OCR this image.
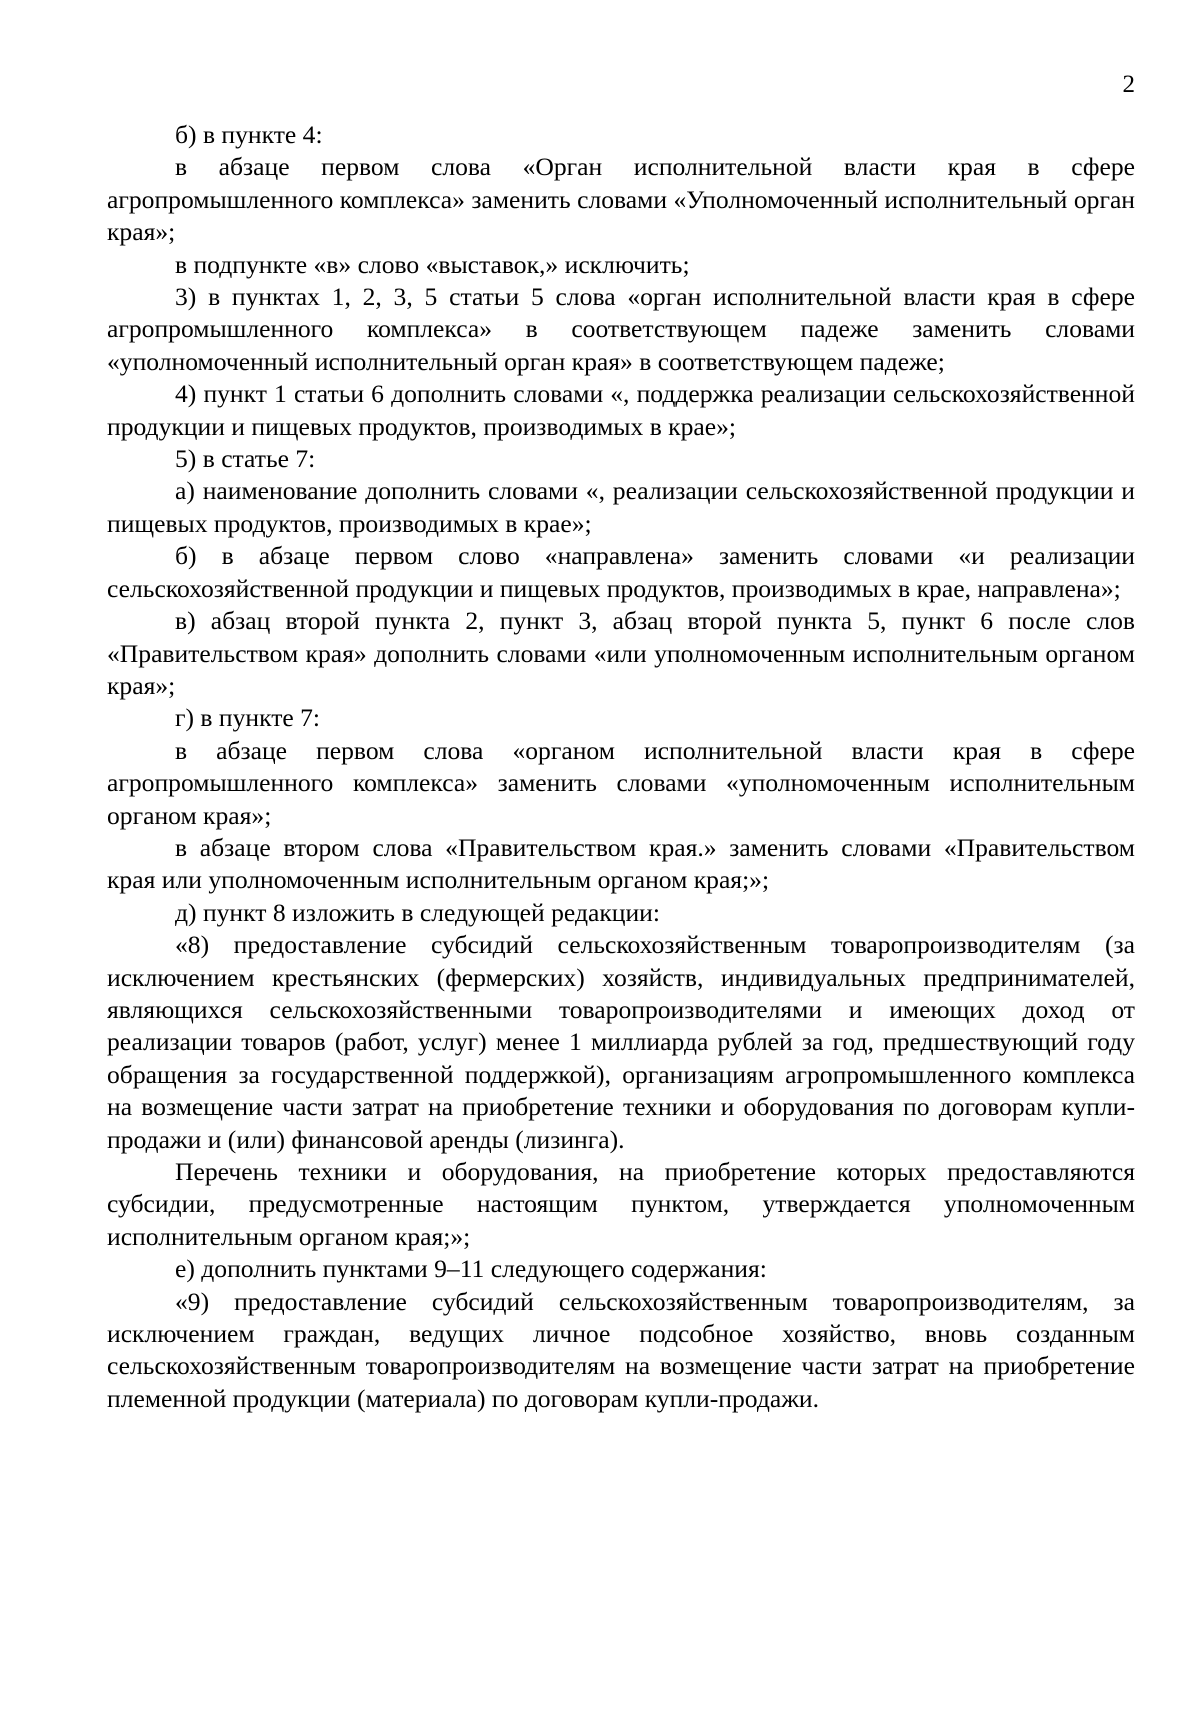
2

б) в пункте 4:

в абзаце первом слова «Орган исполнительной власти края в сфере агропромышленного комплекса» заменить словами «Уполномоченный исполнительный орган края»;

в подпункте «в» слово «выставок,» исключить;

3) в пунктах 1, 2, 3, 5 статьи 5 слова «орган исполнительной власти края в сфере агропромышленного комплекса» в соответствующем падеже заменить словами «уполномоченный исполнительный орган края» в соответствующем падеже;

4) пункт 1 статьи 6 дополнить словами «, поддержка реализации сельскохозяйственной продукции и пищевых продуктов, производимых в крае»;

5) в статье 7:

а) наименование дополнить словами «, реализации сельскохозяйственной продукции и пищевых продуктов, производимых в крае»;

б) в абзаце первом слово «направлена» заменить словами «и реализации сельскохозяйственной продукции и пищевых продуктов, производимых в крае, направлена»;

в) абзац второй пункта 2, пункт 3, абзац второй пункта 5, пункт 6 после слов «Правительством края» дополнить словами «или уполномоченным исполнительным органом края»;

г) в пункте 7:

в абзаце первом слова «органом исполнительной власти края в сфере агропромышленного комплекса» заменить словами «уполномоченным исполнительным органом края»;

в абзаце втором слова «Правительством края.» заменить словами «Правительством края или уполномоченным исполнительным органом края;»;

д) пункт 8 изложить в следующей редакции:

«8) предоставление субсидий сельскохозяйственным товаропроизводителям (за исключением крестьянских (фермерских) хозяйств, индивидуальных предпринимателей, являющихся сельскохозяйственными товаропроизводителями и имеющих доход от реализации товаров (работ, услуг) менее 1 миллиарда рублей за год, предшествующий году обращения за государственной поддержкой), организациям агропромышленного комплекса на возмещение части затрат на приобретение техники и оборудования по договорам купли-продажи и (или) финансовой аренды (лизинга).

Перечень техники и оборудования, на приобретение которых предоставляются субсидии, предусмотренные настоящим пунктом, утверждается уполномоченным исполнительным органом края;»;

е) дополнить пунктами 9–11 следующего содержания:

«9) предоставление субсидий сельскохозяйственным товаропроизводителям, за исключением граждан, ведущих личное подсобное хозяйство, вновь созданным сельскохозяйственным товаропроизводителям на возмещение части затрат на приобретение племенной продукции (материала) по договорам купли-продажи.
